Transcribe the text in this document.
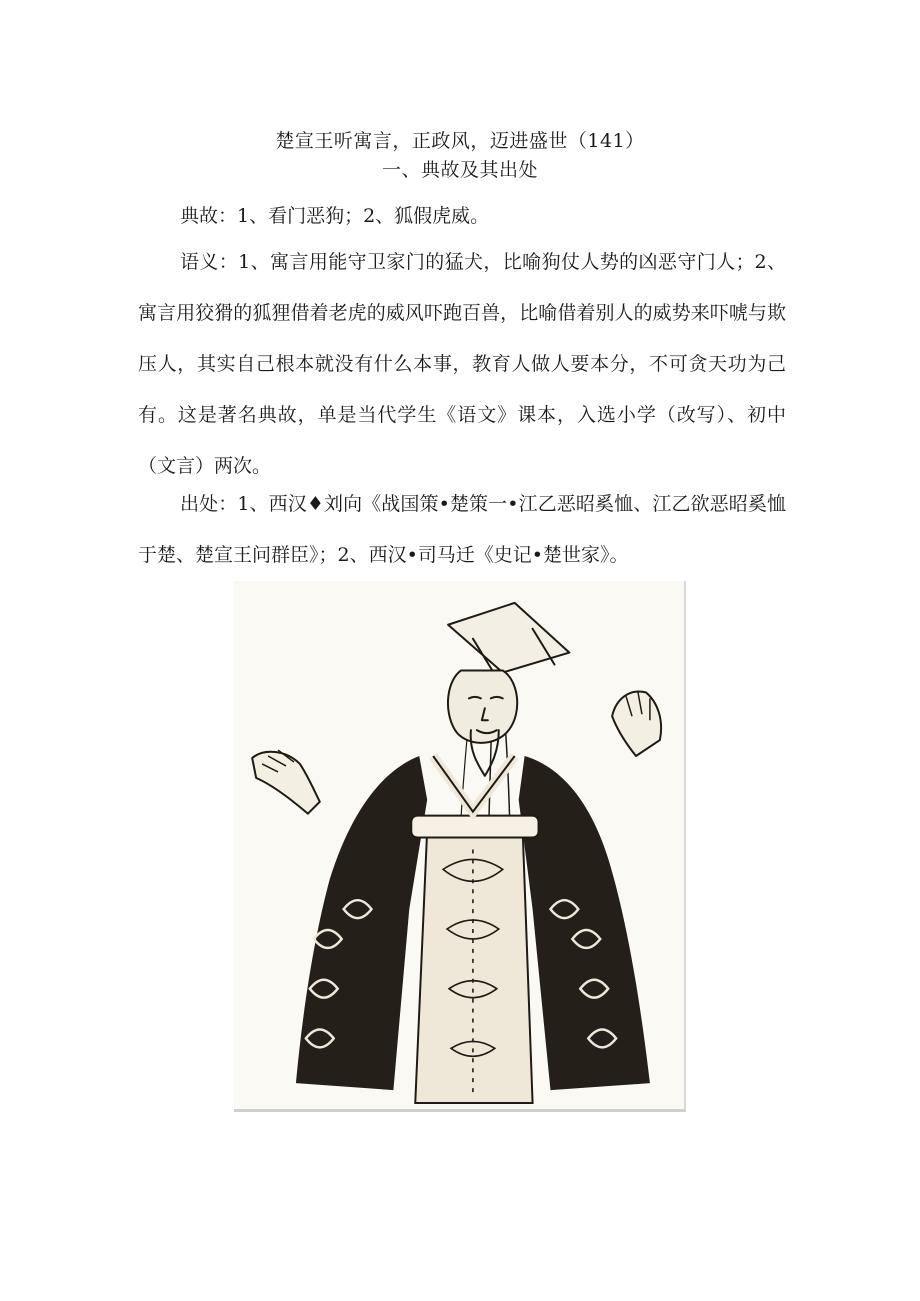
楚宣王听寓言，正政风，迈进盛世（141）
一、典故及其出处
典故：1、看门恶狗；2、狐假虎威。
语义：1、寓言用能守卫家门的猛犬，比喻狗仗人势的凶恶守门人；2、寓言用狡猾的狐狸借着老虎的威风吓跑百兽，比喻借着别人的威势来吓唬与欺压人，其实自己根本就没有什么本事，教育人做人要本分，不可贪天功为己有。这是著名典故，单是当代学生《语文》课本，入选小学（改写）、初中（文言）两次。
出处：1、西汉♦刘向《战国策•楚策一•江乙恶昭奚恤、江乙欲恶昭奚恤于楚、楚宣王问群臣》；2、西汉•司马迁《史记•楚世家》。
